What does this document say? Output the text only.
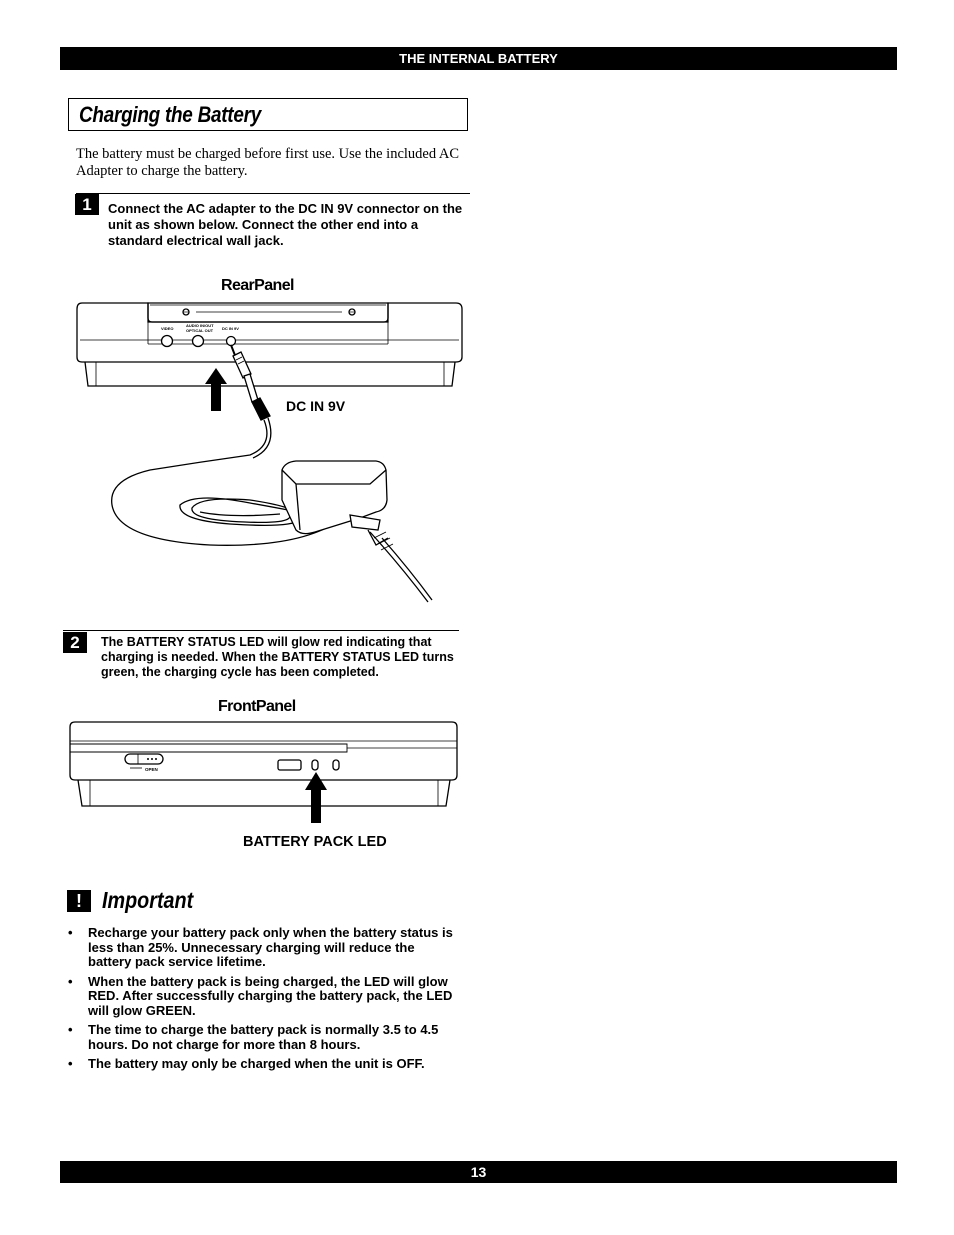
THE INTERNAL BATTERY
Charging the Battery
The battery must be charged before first use. Use the included AC Adapter to charge the battery.
1	Connect the AC adapter to the DC IN 9V connector on the unit as shown below. Connect the other end into a standard electrical wall jack.
RearPanel
VIDEO
AUDIO IN/OUT
OPTICAL OUT DC IN 9V
DC IN 9V
2	The BATTERY STATUS LED will glow red indicating that charging is needed. When the BATTERY STATUS LED turns green, the charging cycle has been completed.
FrontPanel
OPEN
BATTERY PACK LED
! Important
• Recharge your battery pack only when the battery status is less than 25%. Unnecessary charging will reduce the battery pack service lifetime.
• When the battery pack is being charged, the LED will glow RED. After successfully charging the battery pack, the LED will glow GREEN.
• The time to charge the battery pack is normally 3.5 to 4.5 hours. Do not charge for more than 8 hours.
• The battery may only be charged when the unit is OFF.
13
